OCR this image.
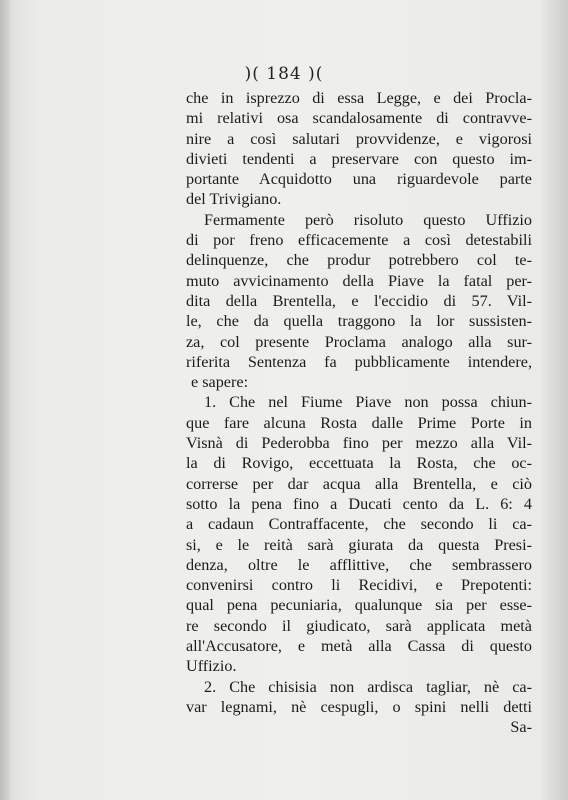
)( 184 )(
che in isprezzo di essa Legge, e dei Procla-
mi relativi osa scandalosamente di contravve-
nire a così salutari provvidenze, e vigorosi
divieti tendenti a preservare con questo im-
portante Acquidotto una riguardevole parte
del Trivigiano.
Fermamente però risoluto questo Uffizio
di por freno efficacemente a così detestabili
delinquenze, che produr potrebbero col te-
muto avvicinamento della Piave la fatal per-
dita della Brentella, e l'eccidio di 57. Vil-
le, che da quella traggono la lor sussisten-
za, col presente Proclama analogo alla sur-
riferita Sentenza fa pubblicamente intendere,
e sapere:
1. Che nel Fiume Piave non possa chiun-
que fare alcuna Rosta dalle Prime Porte in
Visnà di Pederobba fino per mezzo alla Vil-
la di Rovigo, eccettuata la Rosta, che oc-
correrse per dar acqua alla Brentella, e ciò
sotto la pena fino a Ducati cento da L. 6: 4
a cadaun Contraffacente, che secondo li ca-
si, e le reità sarà giurata da questa Presi-
denza, oltre le afflittive, che sembrassero
convenirsi contro li Recidivi, e Prepotenti:
qual pena pecuniaria, qualunque sia per esse-
re secondo il giudicato, sarà applicata metà
all'Accusatore, e metà alla Cassa di questo
Uffizio.
2. Che chisisia non ardisca tagliar, nè ca-
var legnami, nè cespugli, o spini nelli detti
Sa-
